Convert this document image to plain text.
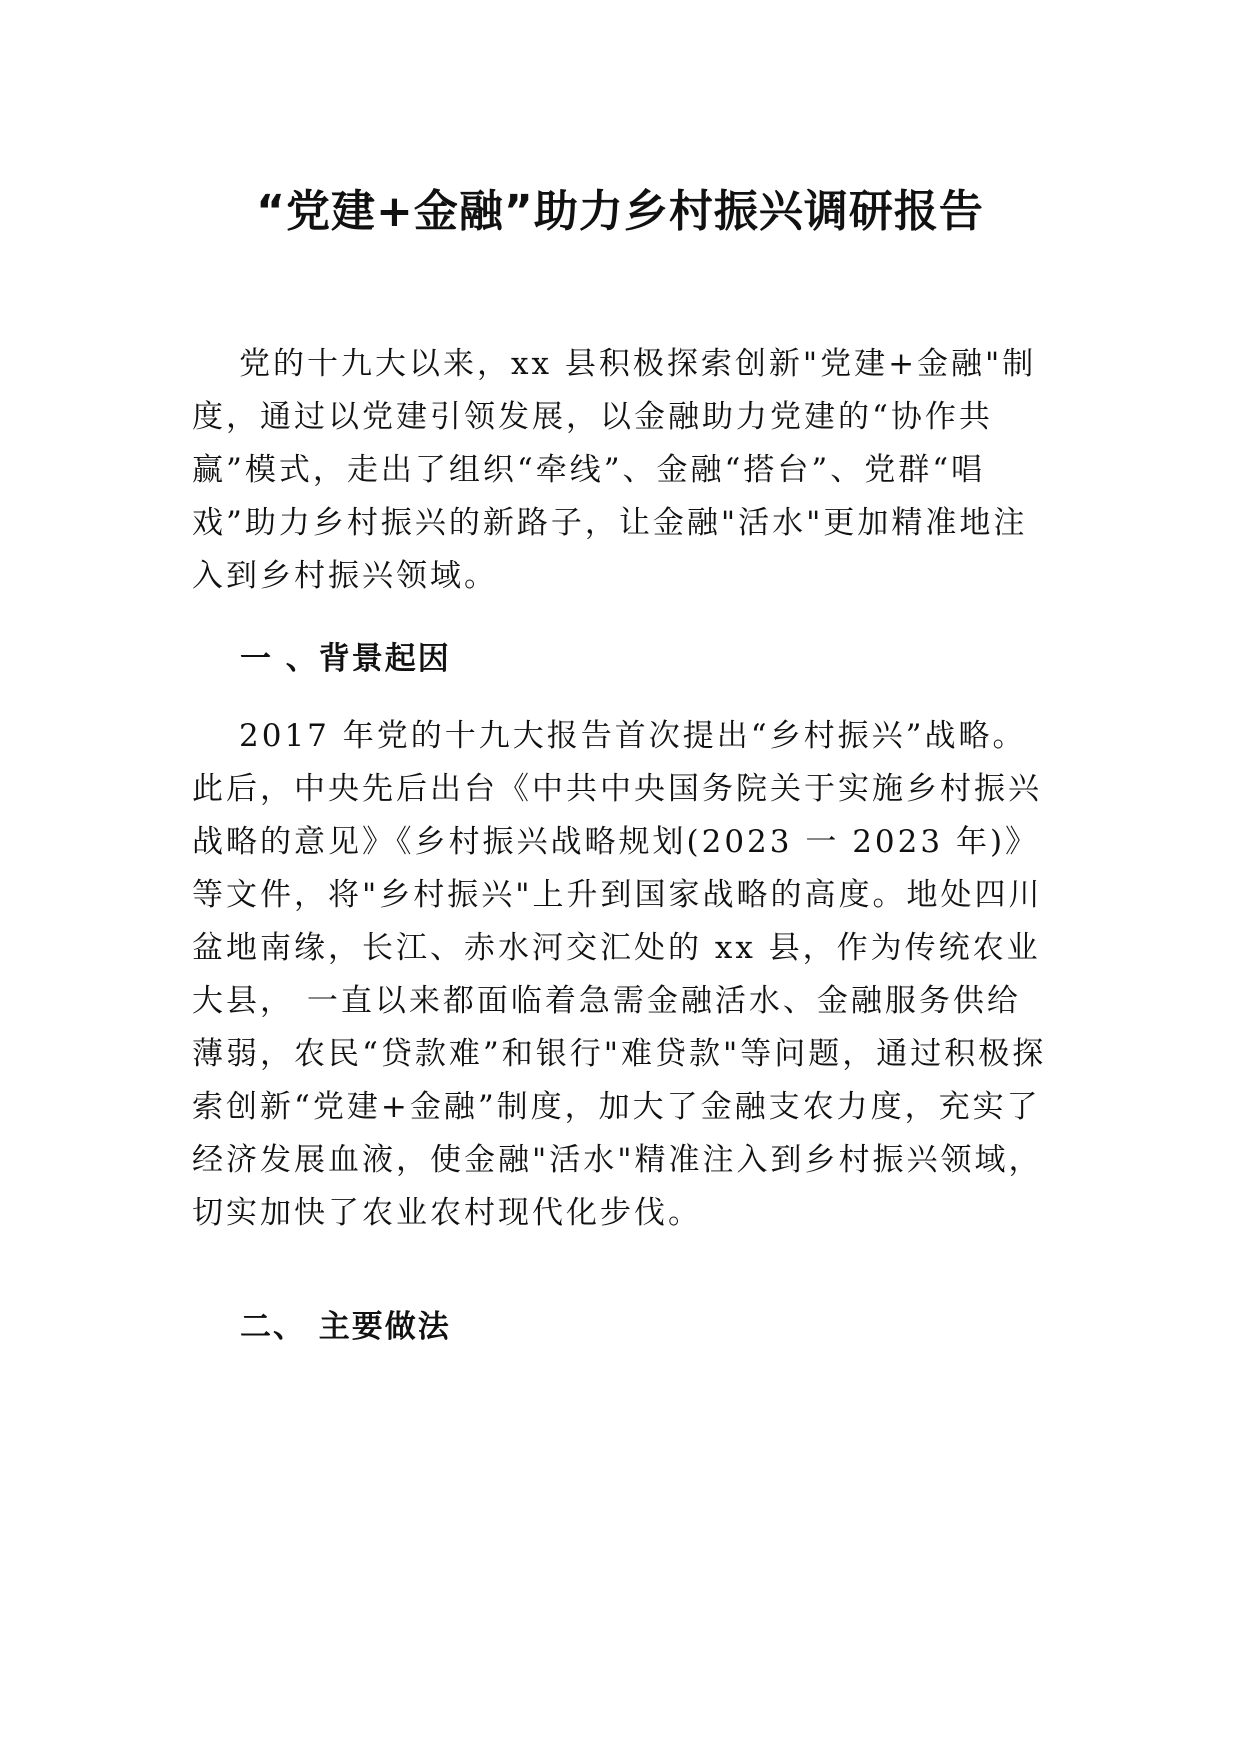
“党建+金融”助力乡村振兴调研报告

党的十九大以来，xx 县积极探索创新"党建+金融"制度，通过以党建引领发展，以金融助力党建的“协作共赢”模式，走出了组织“牵线”、金融“搭台”、党群“唱戏”助力乡村振兴的新路子，让金融"活水"更加精准地注入到乡村振兴领域。

一 、背景起因

2017 年党的十九大报告首次提出“乡村振兴”战略。此后，中央先后出台《中共中央国务院关于实施乡村振兴战略的意见》《乡村振兴战略规划(2023 一 2023 年)》等文件，将"乡村振兴"上升到国家战略的高度。地处四川盆地南缘，长江、赤水河交汇处的 xx 县，作为传统农业大县， 一直以来都面临着急需金融活水、金融服务供给薄弱，农民“贷款难”和银行"难贷款"等问题，通过积极探索创新“党建+金融”制度，加大了金融支农力度，充实了经济发展血液，使金融"活水"精准注入到乡村振兴领域，切实加快了农业农村现代化步伐。

二、 主要做法
